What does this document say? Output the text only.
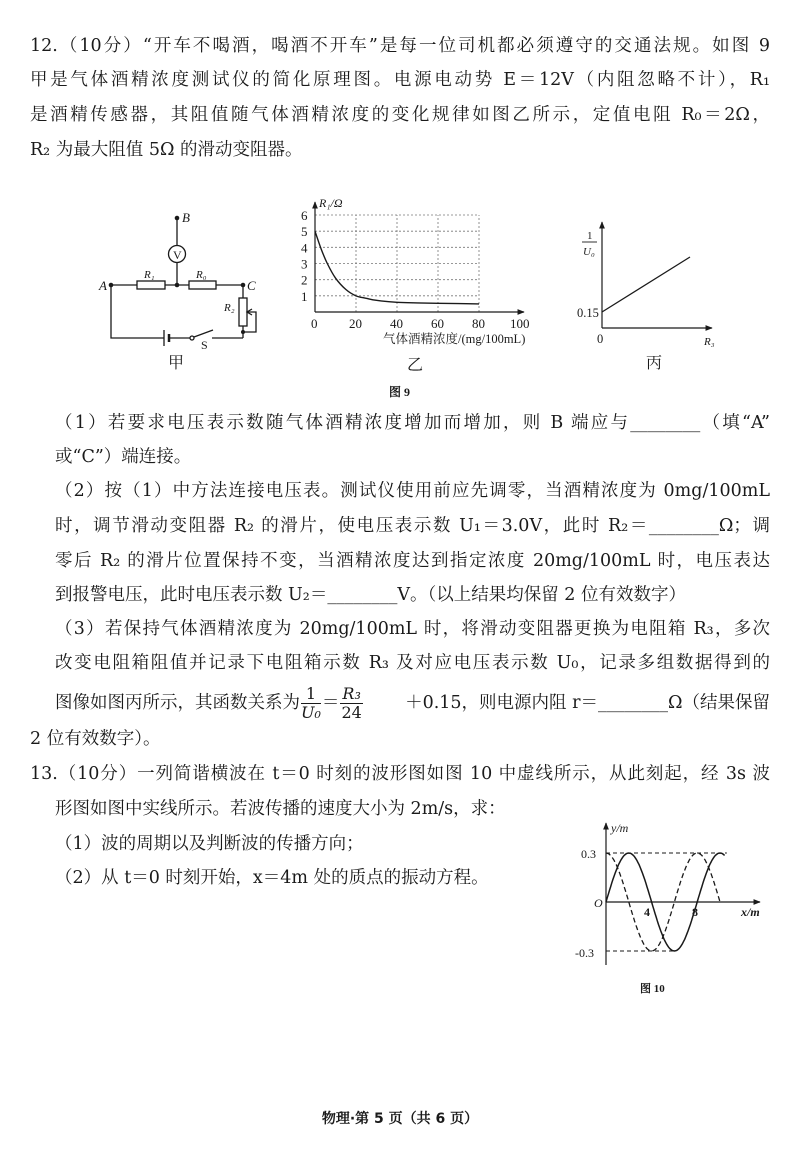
12.（10分）“开车不喝酒，喝酒不开车”是每一位司机都必须遵守的交通法规。如图 9
甲是气体酒精浓度测试仪的简化原理图。电源电动势 E＝12V（内阻忽略不计），R₁
是酒精传感器，其阻值随气体酒精浓度的变化规律如图乙所示，定值电阻 R₀＝2Ω，
R₂ 为最大阻值 5Ω 的滑动变阻器。
（1）若要求电压表示数随气体酒精浓度增加而增加，则 B 端应与________（填“A”
或“C”）端连接。
（2）按（1）中方法连接电压表。测试仪使用前应先调零，当酒精浓度为 0mg/100mL
时，调节滑动变阻器 R₂ 的滑片，使电压表示数 U₁＝3.0V，此时 R₂＝________Ω；调
零后 R₂ 的滑片位置保持不变，当酒精浓度达到指定浓度 20mg/100mL 时，电压表达
到报警电压，此时电压表示数 U₂＝________V。（以上结果均保留 2 位有效数字）
（3）若保持气体酒精浓度为 20mg/100mL 时，将滑动变阻器更换为电阻箱 R₃，多次
改变电阻箱阻值并记录下电阻箱示数 R₃ 及对应电压表示数 U₀，记录多组数据得到的
图像如图丙所示，其函数关系为 $\frac{1}{\text{U₀}} = \frac{\text{R₃}}{24} +0.15$，则电源内阻 r＝________Ω（结果保留
2 位有效数字）。
13.（10分）一列简谐横波在 t＝0 时刻的波形图如图 10 中虚线所示，从此刻起，经 3s 波
形图如图中实线所示。若波传播的速度大小为 2m/s，求：
（1）波的周期以及判断波的传播方向；
（2）从 t＝0 时刻开始，x＝4m 处的质点的振动方程。
物理·第 5 页（共 6 页）
A
B
C
V
R₁	R₀
R₂
S
甲
0 20 40 60 80 100
1
2
3
4
5
6
R₁/Ω
气体酒精浓度/(mg/100mL)
乙
1
U₀
0.15
0	R₃
丙
图 9
y/m
0.3
-0.3
O
4	8	x/m
图 10
